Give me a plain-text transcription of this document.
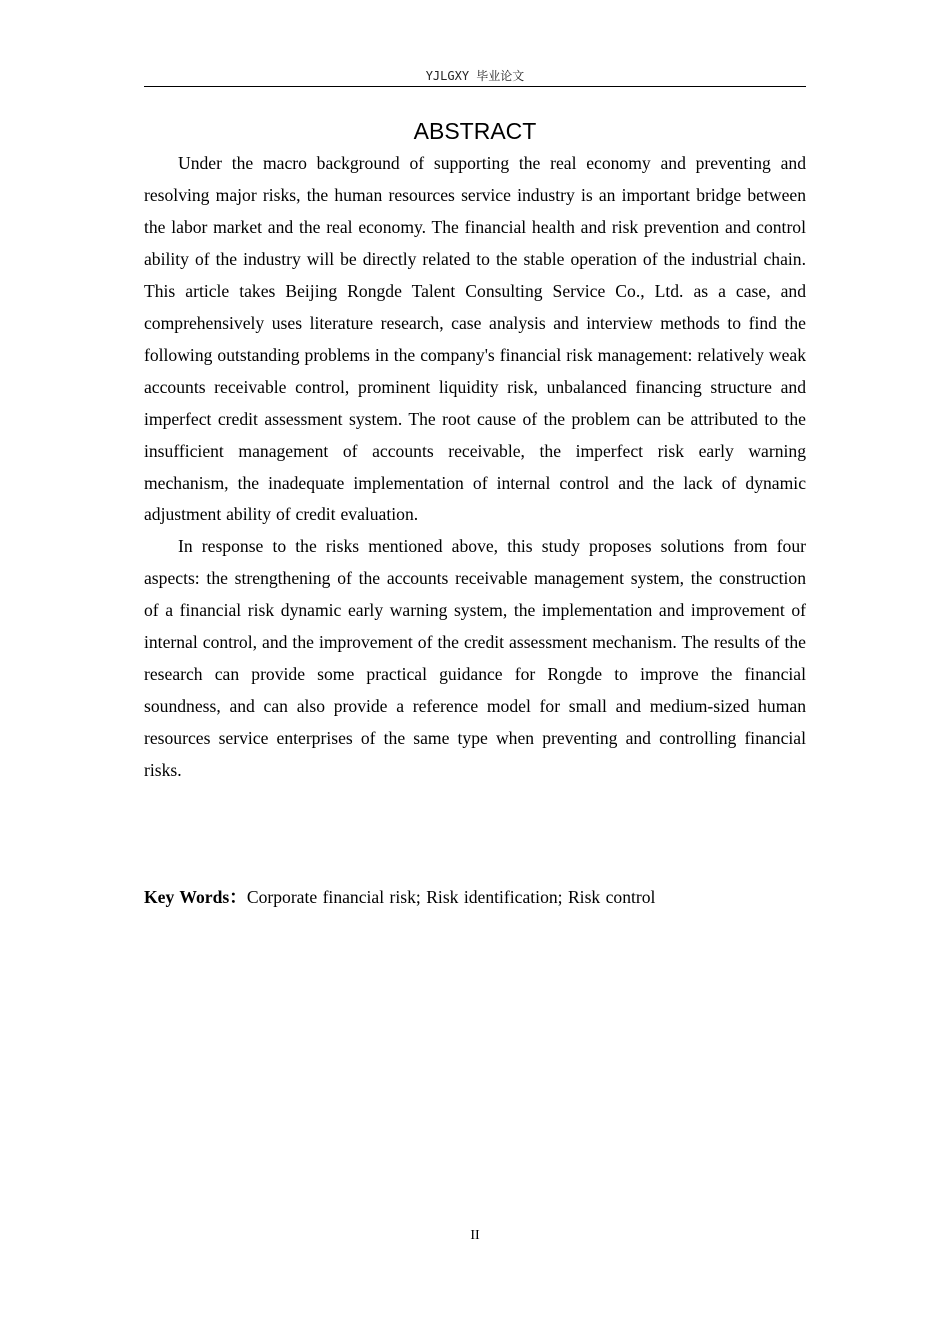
YJLGXY 毕业论文
ABSTRACT

Under the macro background of supporting the real economy and preventing and resolving major risks, the human resources service industry is an important bridge between the labor market and the real economy. The financial health and risk prevention and control ability of the industry will be directly related to the stable operation of the industrial chain. This article takes Beijing Rongde Talent Consulting Service Co., Ltd. as a case, and comprehensively uses literature research, case analysis and interview methods to find the following outstanding problems in the company's financial risk management: relatively weak accounts receivable control, prominent liquidity risk, unbalanced financing structure and imperfect credit assessment system. The root cause of the problem can be attributed to the insufficient management of accounts receivable, the imperfect risk early warning mechanism, the inadequate implementation of internal control and the lack of dynamic adjustment ability of credit evaluation.

In response to the risks mentioned above, this study proposes solutions from four aspects: the strengthening of the accounts receivable management system, the construction of a financial risk dynamic early warning system, the implementation and improvement of internal control, and the improvement of the credit assessment mechanism. The results of the research can provide some practical guidance for Rongde to improve the financial soundness, and can also provide a reference model for small and medium-sized human resources service enterprises of the same type when preventing and controlling financial risks.

Key Words：Corporate financial risk; Risk identification; Risk control

II
